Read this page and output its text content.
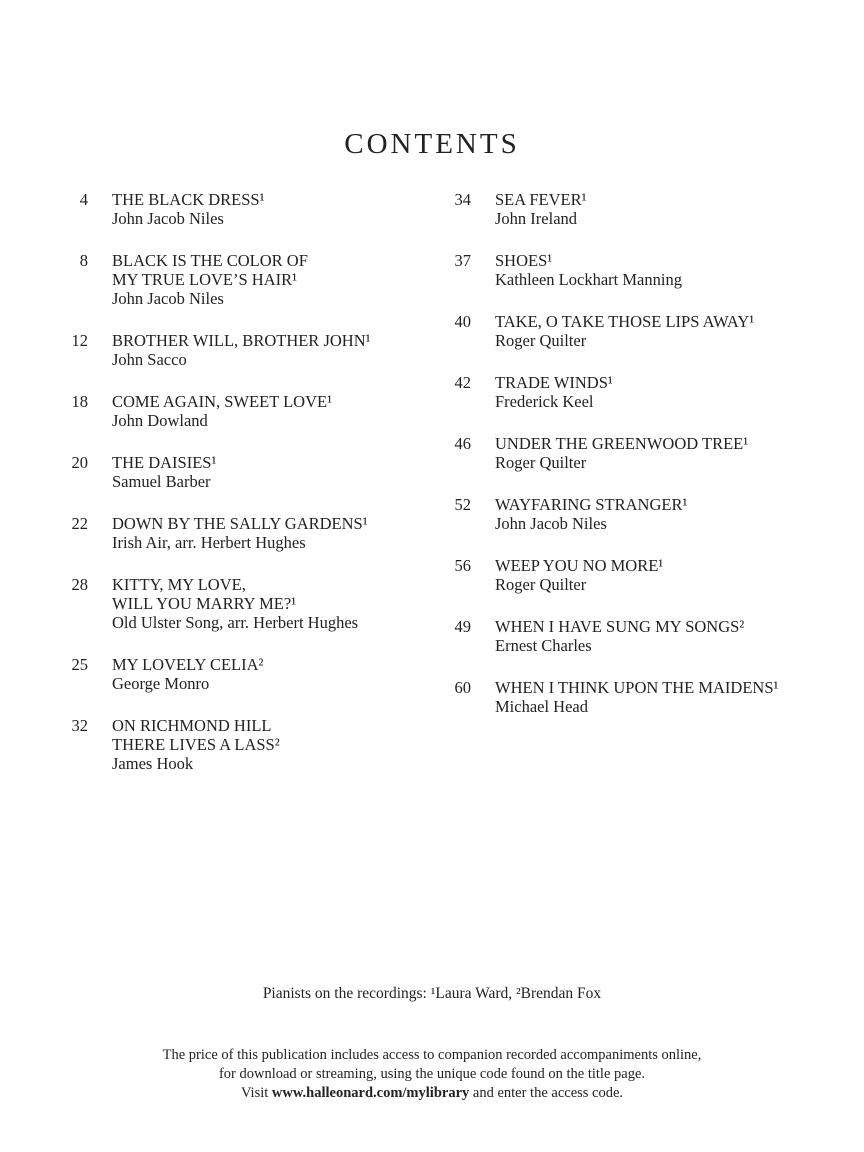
CONTENTS
4 THE BLACK DRESS¹
John Jacob Niles
8 BLACK IS THE COLOR OF
MY TRUE LOVE’S HAIR¹
John Jacob Niles
12 BROTHER WILL, BROTHER JOHN¹
John Sacco
18 COME AGAIN, SWEET LOVE¹
John Dowland
20 THE DAISIES¹
Samuel Barber
22 DOWN BY THE SALLY GARDENS¹
Irish Air, arr. Herbert Hughes
28 KITTY, MY LOVE,
WILL YOU MARRY ME?¹
Old Ulster Song, arr. Herbert Hughes
25 MY LOVELY CELIA²
George Monro
32 ON RICHMOND HILL
THERE LIVES A LASS²
James Hook
34 SEA FEVER¹
John Ireland
37 SHOES¹
Kathleen Lockhart Manning
40 TAKE, O TAKE THOSE LIPS AWAY¹
Roger Quilter
42 TRADE WINDS¹
Frederick Keel
46 UNDER THE GREENWOOD TREE¹
Roger Quilter
52 WAYFARING STRANGER¹
John Jacob Niles
56 WEEP YOU NO MORE¹
Roger Quilter
49 WHEN I HAVE SUNG MY SONGS²
Ernest Charles
60 WHEN I THINK UPON THE MAIDENS¹
Michael Head
Pianists on the recordings: ¹Laura Ward, ²Brendan Fox
The price of this publication includes access to companion recorded accompaniments online,
for download or streaming, using the unique code found on the title page.
Visit www.halleonard.com/mylibrary and enter the access code.
